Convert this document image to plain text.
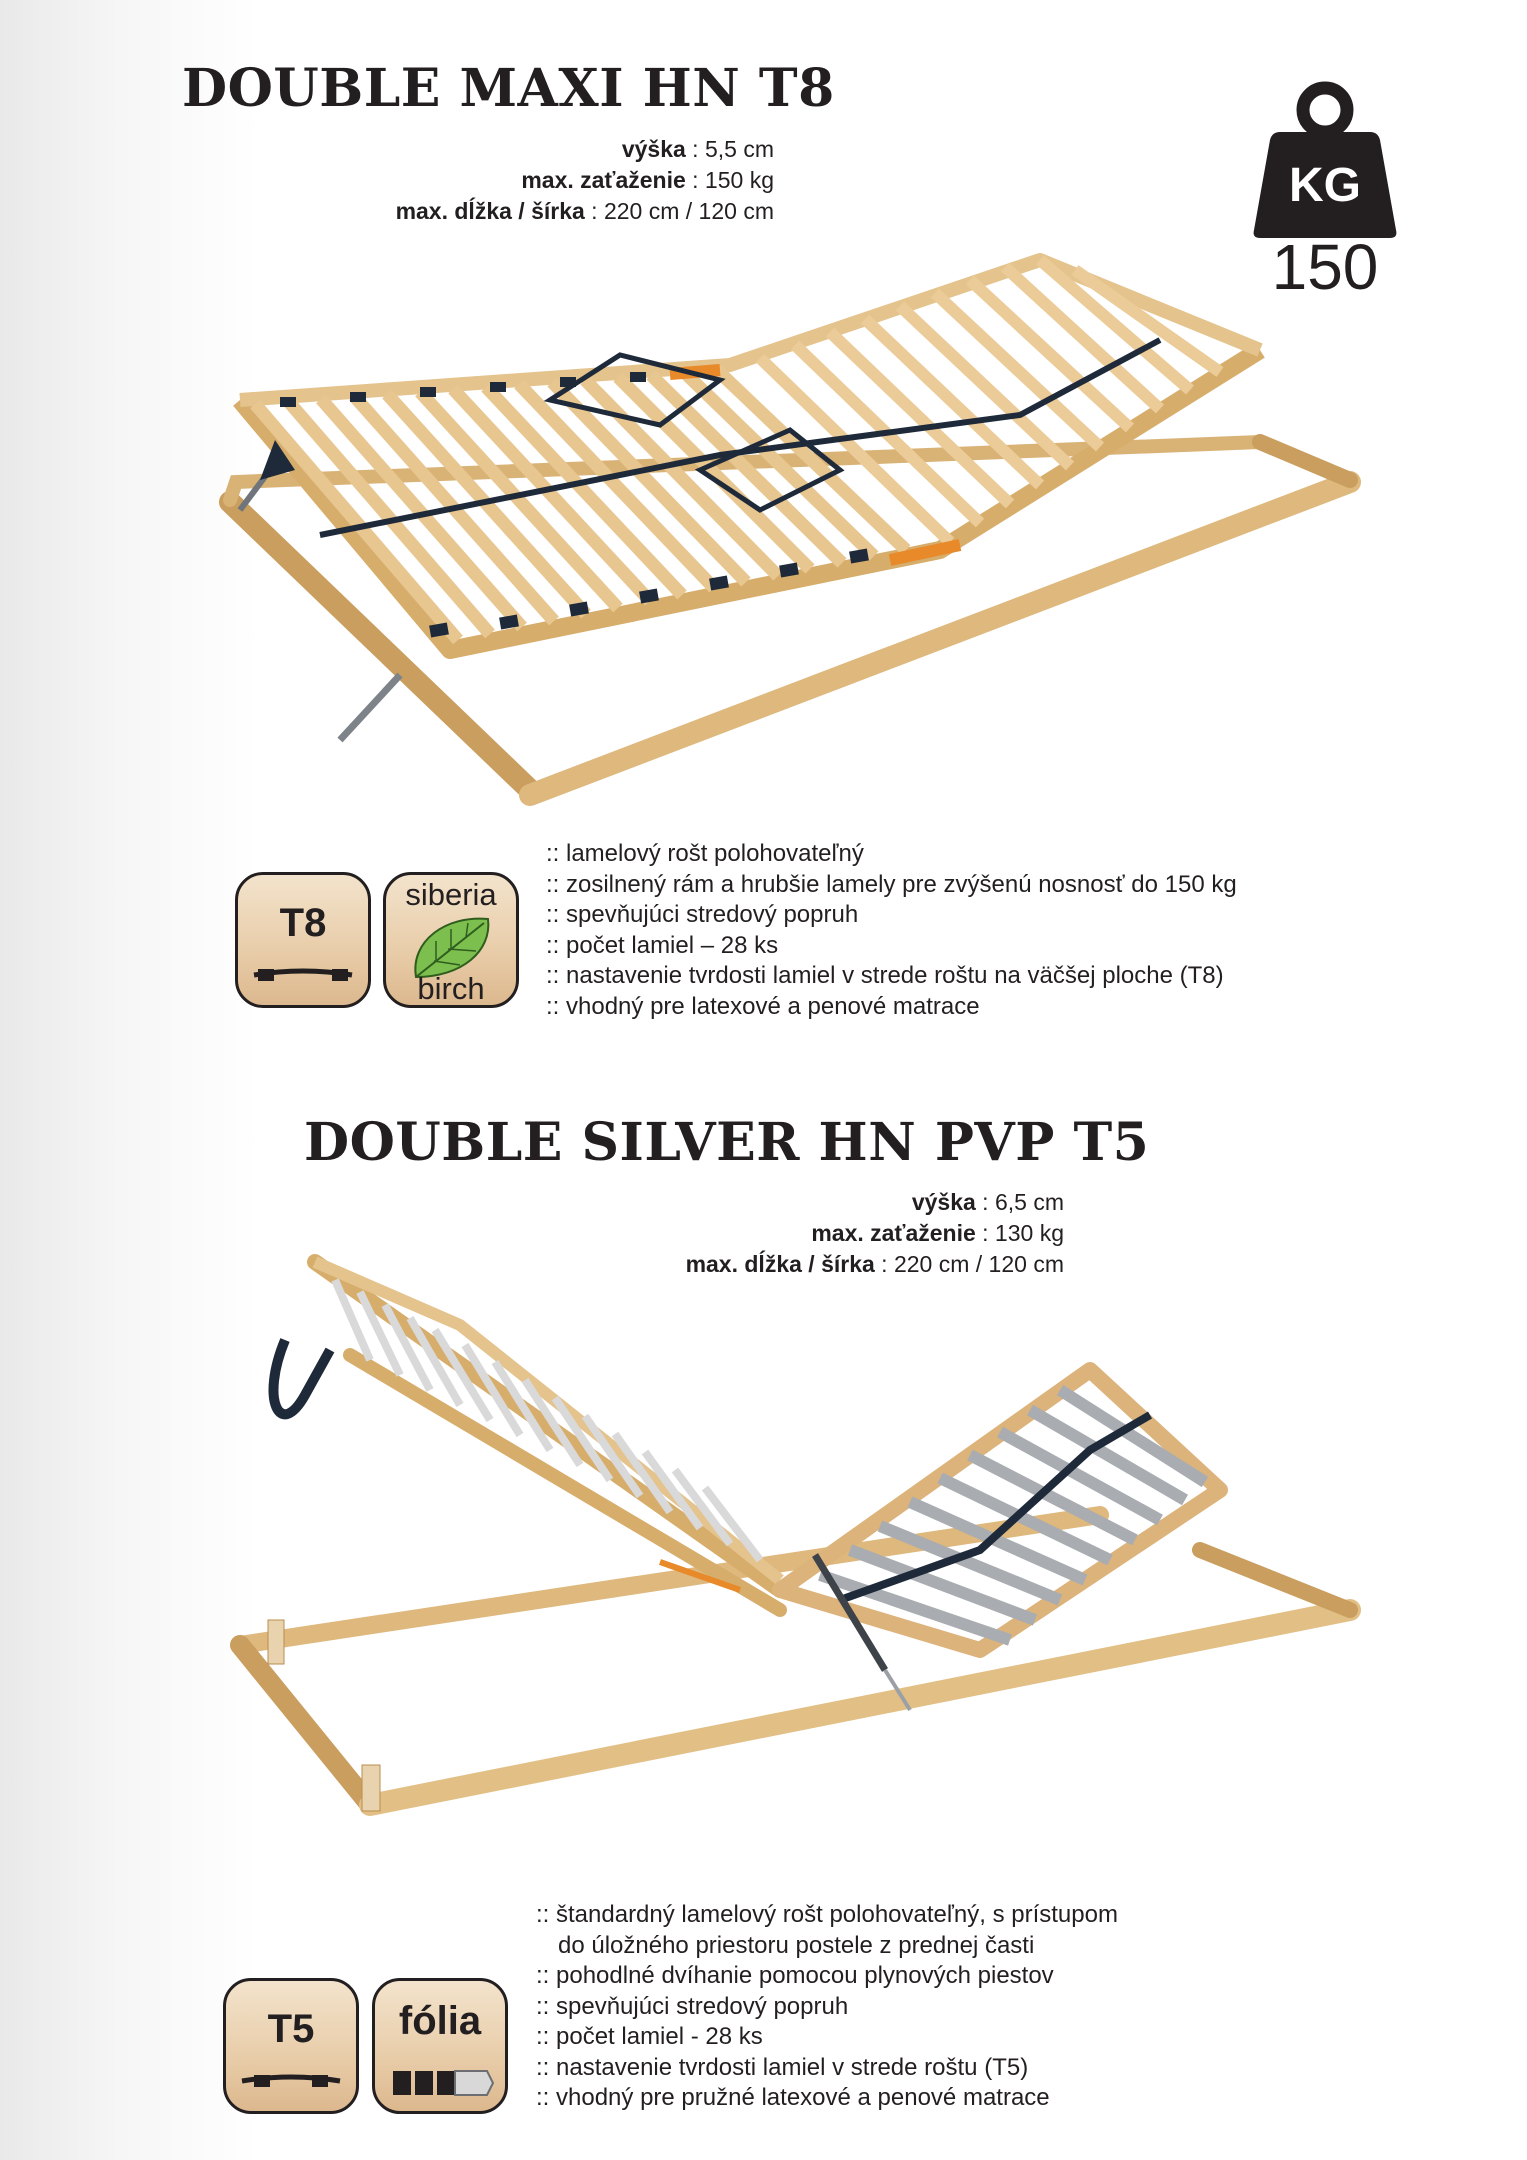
DOUBLE MAXI HN T8
výška : 5,5 cm
max. zaťaženie : 150 kg
max. dĺžka / šírka : 220 cm / 120 cm	KG
150
T8
siberia
birch
:: lamelový rošt polohovateľný
:: zosilnený rám a hrubšie lamely pre zvýšenú nosnosť do 150 kg
:: spevňujúci stredový popruh
:: počet lamiel – 28 ks
:: nastavenie tvrdosti lamiel v strede roštu na väčšej ploche (T8)
:: vhodný pre latexové a penové matrace
DOUBLE SILVER HN PVP T5
výška : 6,5 cm
max. zaťaženie : 130 kg
max. dĺžka / šírka : 220 cm / 120 cm
T5	fólia
:: štandardný lamelový rošt polohovateľný, s prístupom
do úložného priestoru postele z prednej časti
:: pohodlné dvíhanie pomocou plynových piestov
:: spevňujúci stredový popruh
:: počet lamiel - 28 ks
:: nastavenie tvrdosti lamiel v strede roštu (T5)
:: vhodný pre pružné latexové a penové matrace
